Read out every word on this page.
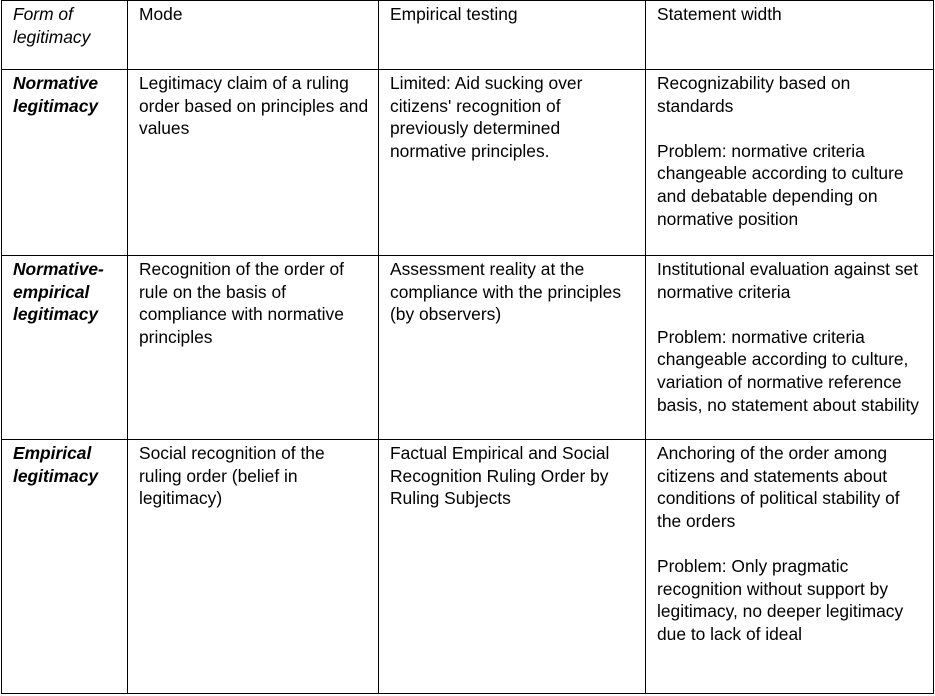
Form of legitimacy	Mode	Empirical testing	Statement width
Normative legitimacy	Legitimacy claim of a ruling order based on principles and values	Limited: Aid sucking over citizens' recognition of previously determined normative principles.	Recognizability based on standards
Problem: normative criteria changeable according to culture and debatable depending on normative position

Normative-empirical legitimacy	Recognition of the order of rule on the basis of compliance with normative principles	Assessment reality at the compliance with the principles (by observers)	Institutional evaluation against set normative criteria
Problem: normative criteria changeable according to culture, variation of normative reference basis, no statement about stability

Empirical legitimacy	Social recognition of the ruling order (belief in legitimacy)	Factual Empirical and Social Recognition Ruling Order by Ruling Subjects	Anchoring of the order among citizens and statements about conditions of political stability of the orders
Problem: Only pragmatic recognition without support by legitimacy, no deeper legitimacy due to lack of ideal
